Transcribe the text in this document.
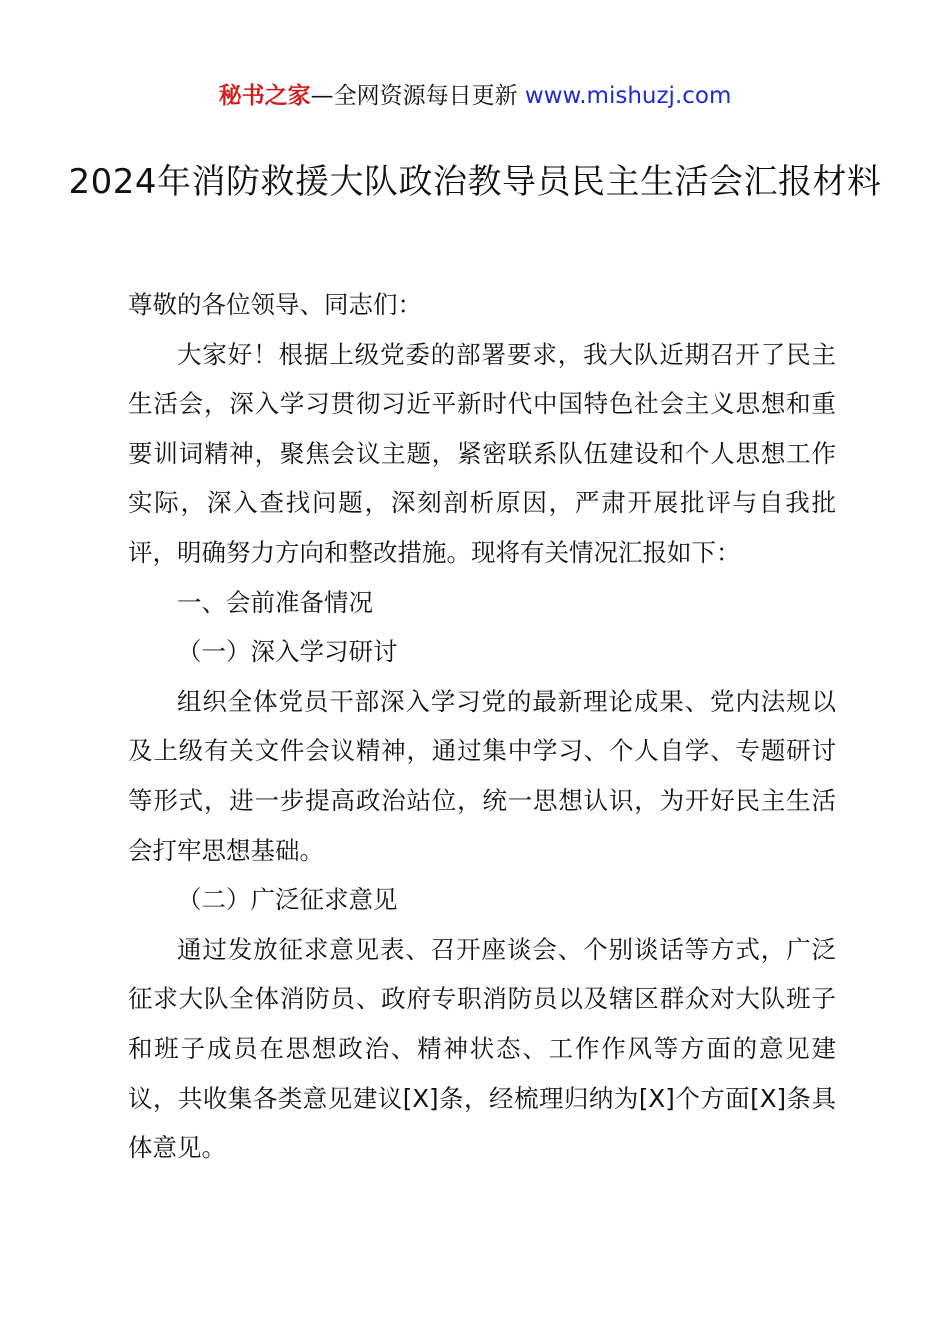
秘书之家—全网资源每日更新 www.mishuzj.com
2024年消防救援大队政治教导员民主生活会汇报材料

尊敬的各位领导、同志们：

大家好！根据上级党委的部署要求，我大队近期召开了民主生活会，深入学习贯彻习近平新时代中国特色社会主义思想和重要训词精神，聚焦会议主题，紧密联系队伍建设和个人思想工作实际，深入查找问题，深刻剖析原因，严肃开展批评与自我批评，明确努力方向和整改措施。现将有关情况汇报如下：

一、会前准备情况

（一）深入学习研讨

组织全体党员干部深入学习党的最新理论成果、党内法规以及上级有关文件会议精神，通过集中学习、个人自学、专题研讨等形式，进一步提高政治站位，统一思想认识，为开好民主生活会打牢思想基础。

（二）广泛征求意见

通过发放征求意见表、召开座谈会、个别谈话等方式，广泛征求大队全体消防员、政府专职消防员以及辖区群众对大队班子和班子成员在思想政治、精神状态、工作作风等方面的意见建议，共收集各类意见建议[X]条，经梳理归纳为[X]个方面[X]条具体意见。
